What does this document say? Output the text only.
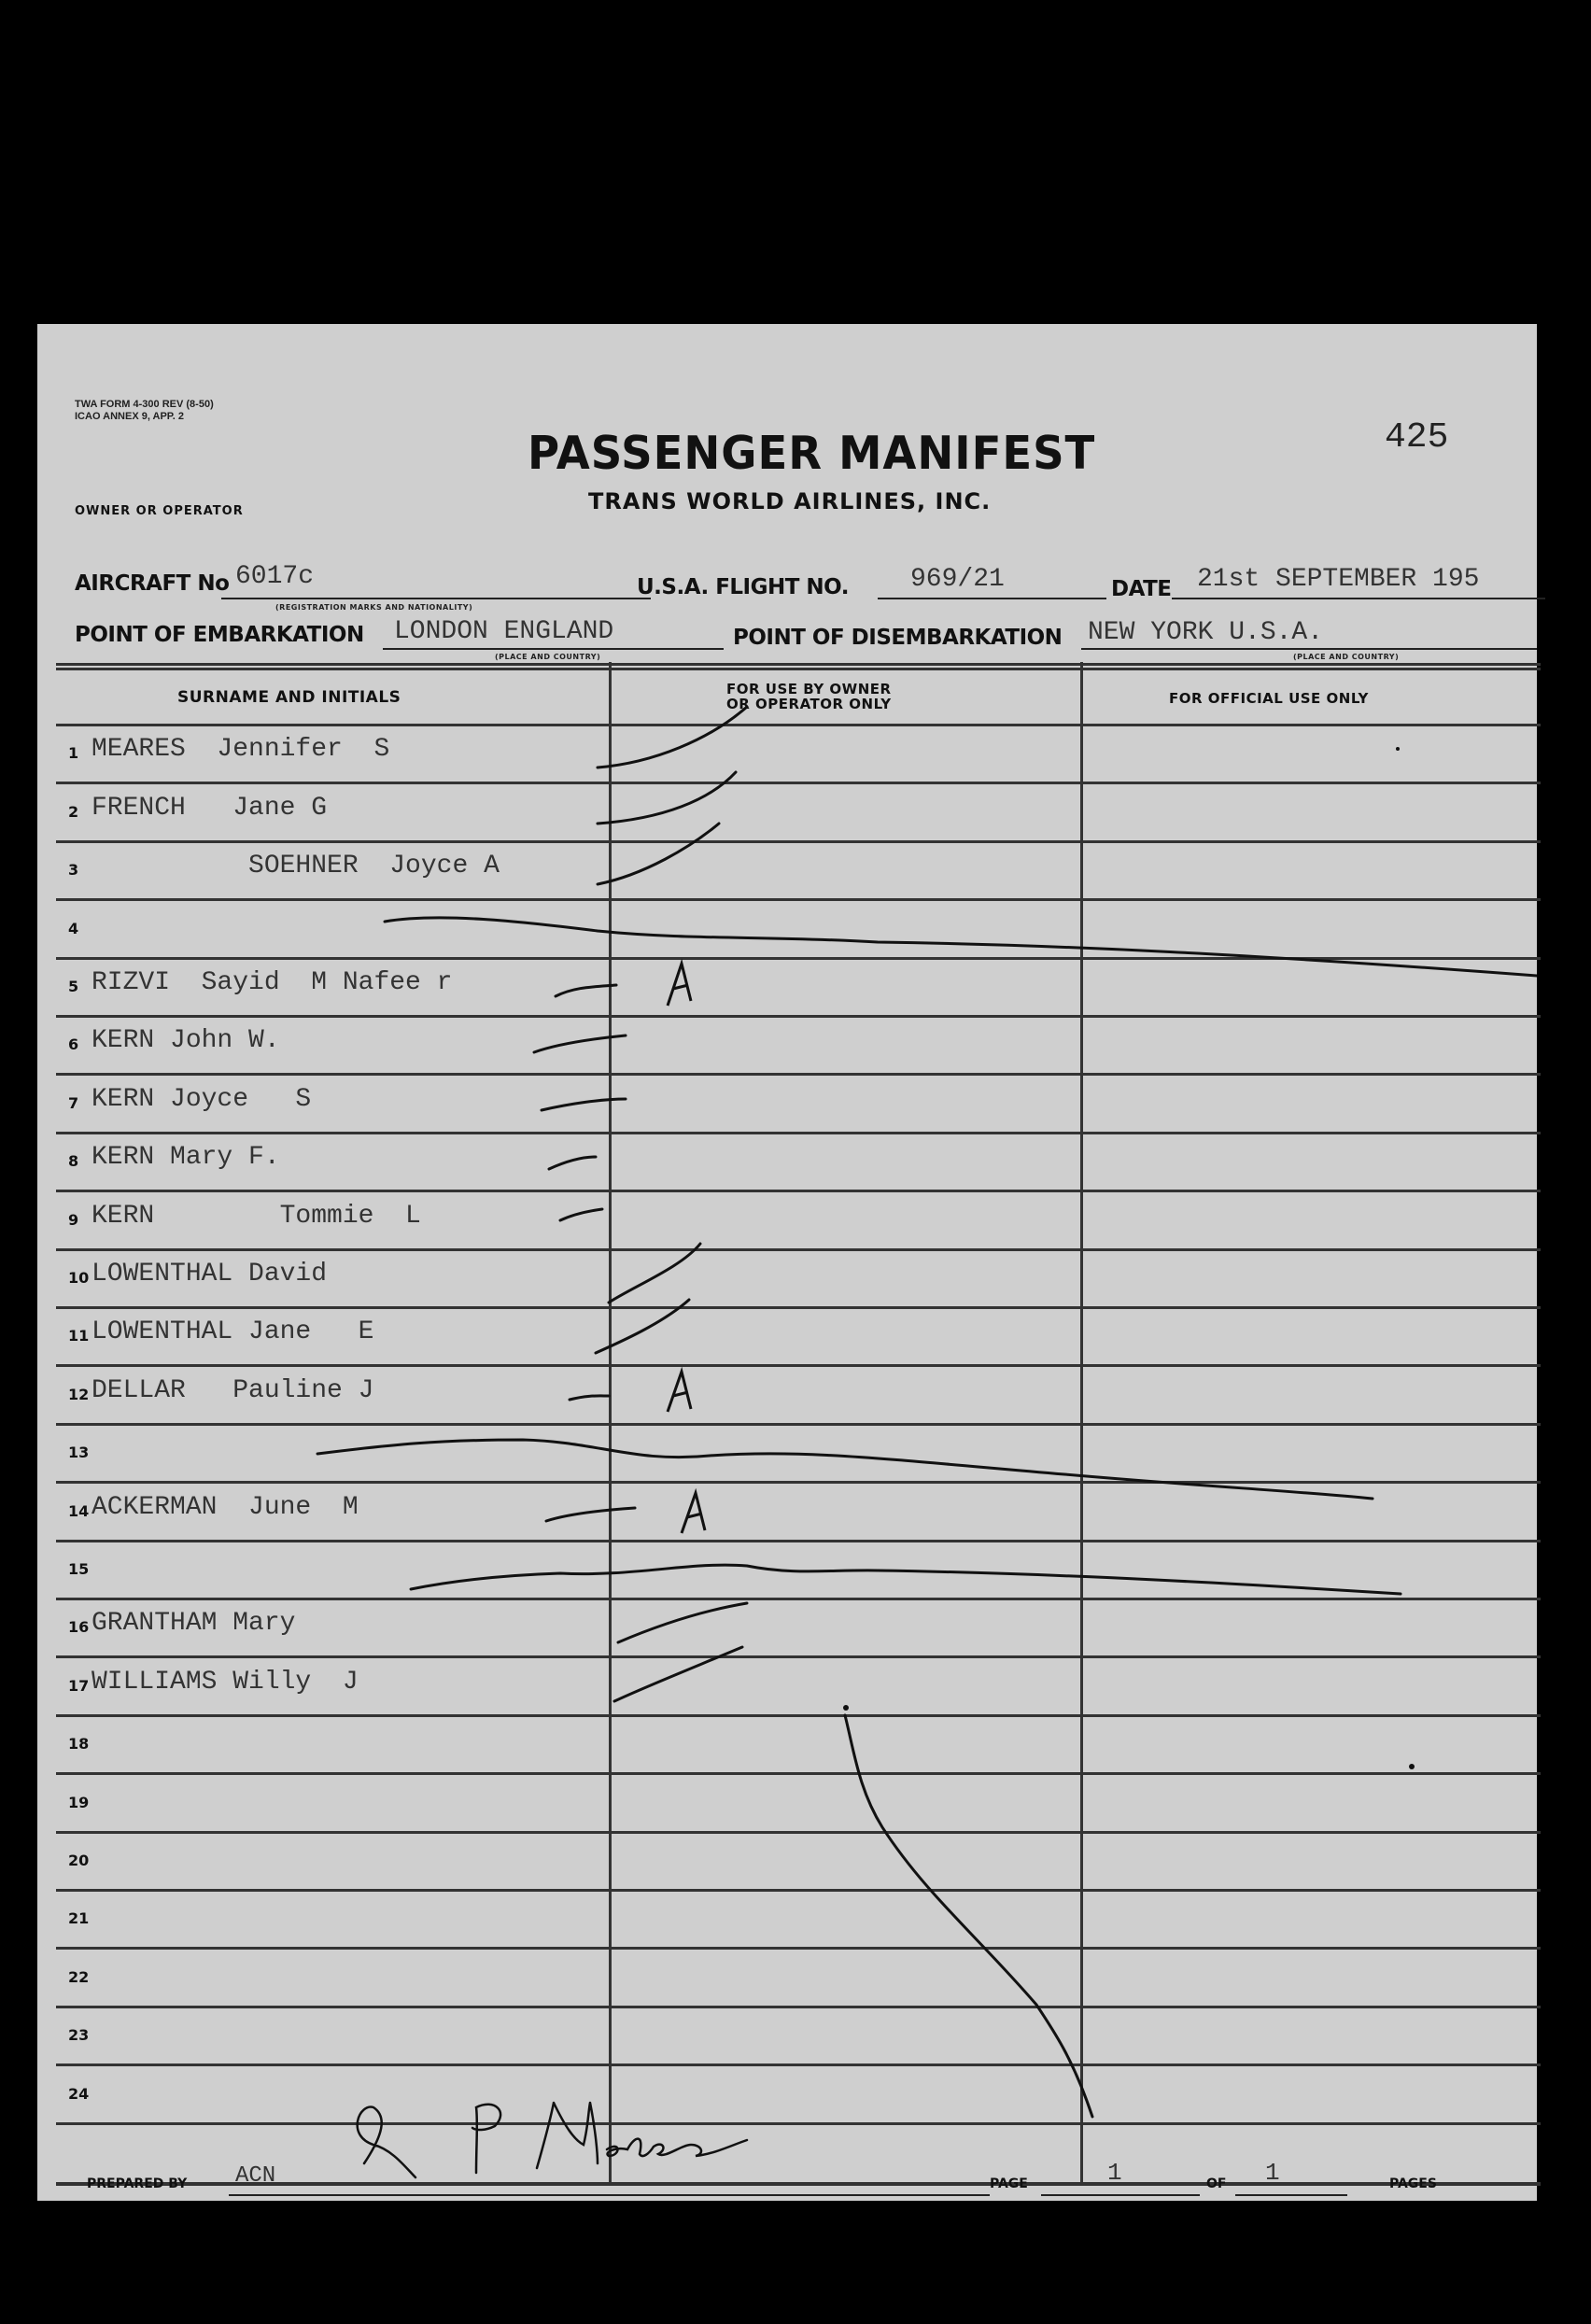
TWA FORM 4-300 REV (8-50)
ICAO ANNEX 9, APP. 2
OWNER OR OPERATOR
PASSENGER MANIFEST
TRANS WORLD AIRLINES, INC.
425
AIRCRAFT No 6017c
(REGISTRATION MARKS AND NATIONALITY)
U.S.A. FLIGHT NO. 969/21	DATE 21st SEPTEMBER 195
POINT OF EMBARKATION LONDON ENGLAND
(PLACE AND COUNTRY)
POINT OF DISEMBARKATION NEW YORK U.S.A.
(PLACE AND COUNTRY)
SURNAME AND INITIALS	FOR USE BY OWNER
OR OPERATOR ONLY	FOR OFFICIAL USE ONLY
1 MEARES  Jennifer  S
2 FRENCH   Jane G
3 SOEHNER  Joyce A
4
5 RIZVI  Sayid  M Nafee r
6 KERN John W.
7 KERN Joyce   S
8 KERN Mary F.
9 KERN        Tommie  L
10 LOWENTHAL David
11 LOWENTHAL Jane   E
12 DELLAR   Pauline J
13
14 ACKERMAN  June  M
15
16 GRANTHAM Mary
17 WILLIAMS Willy  J
18
19
20
21
22
23
24
PREPARED BY ACN	PAGE	1	OF 1	PAGES
